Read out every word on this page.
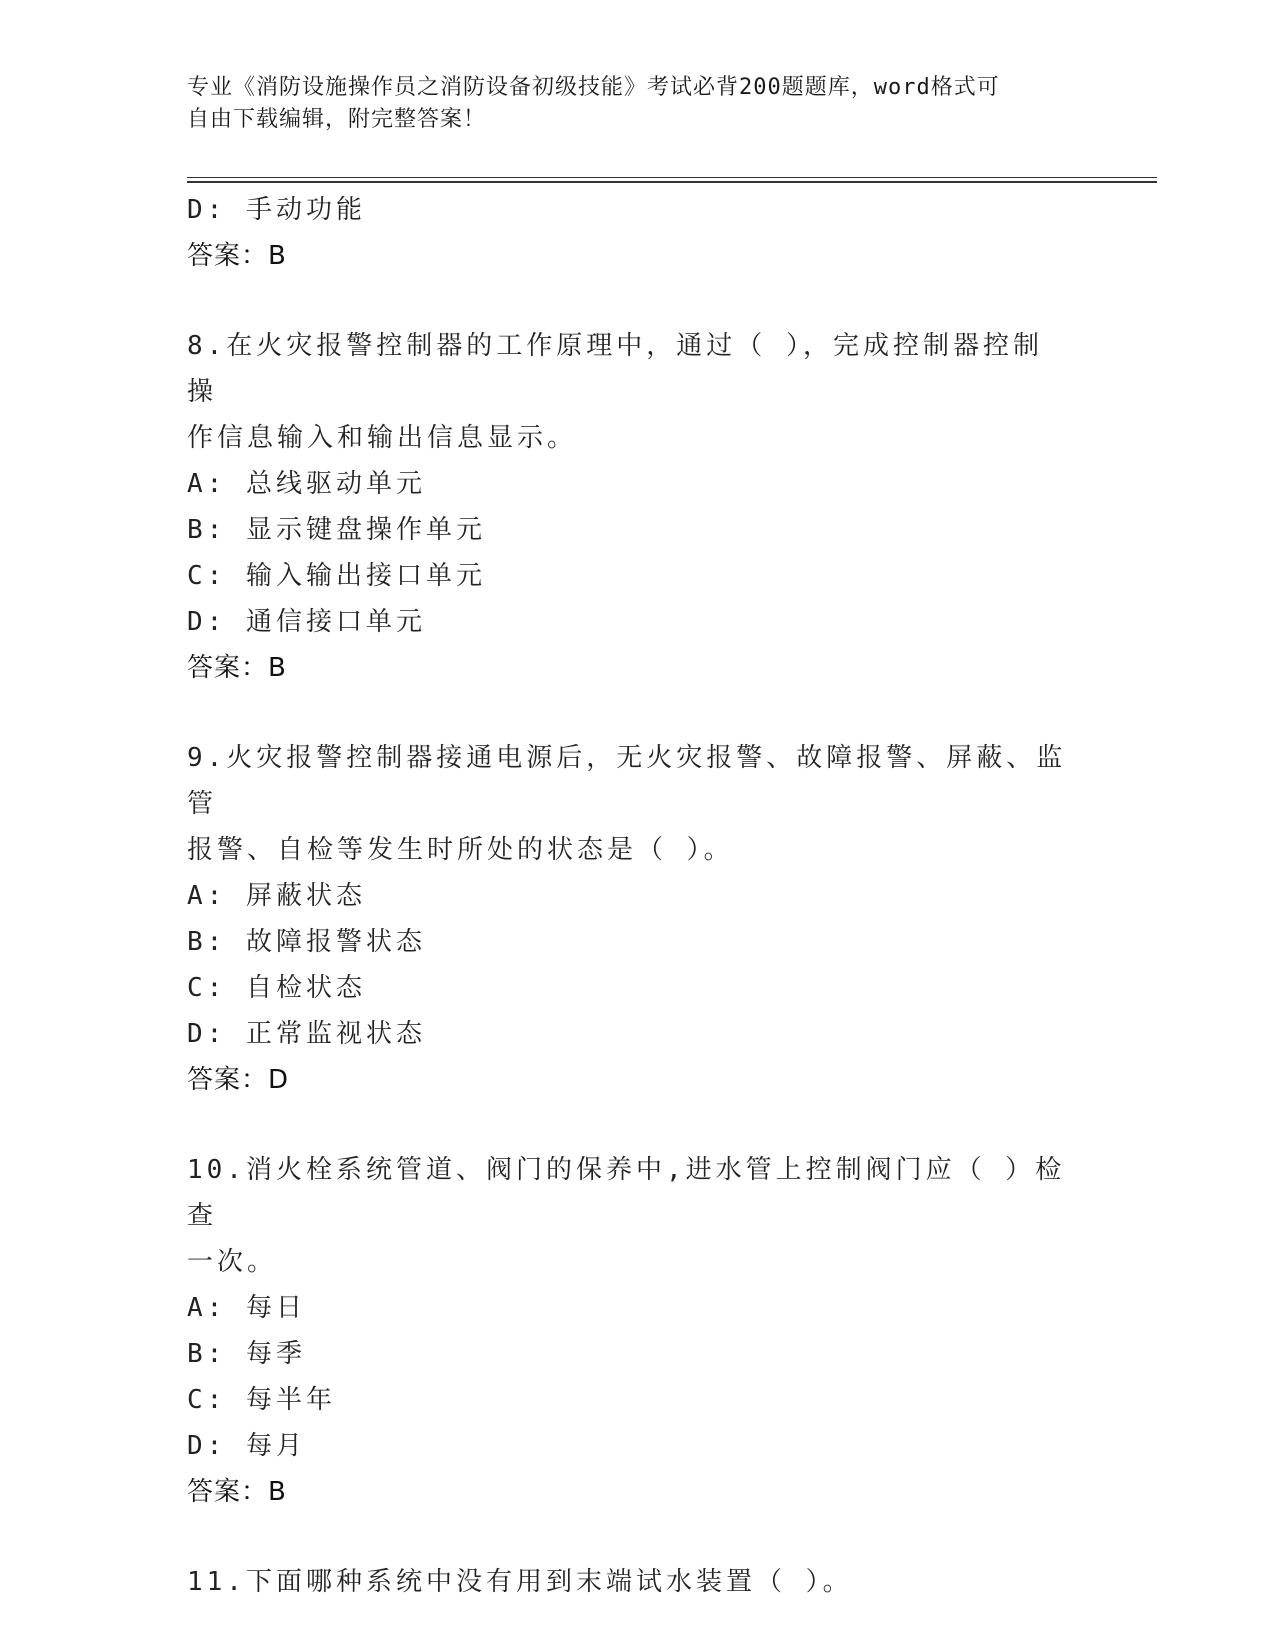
专业《消防设施操作员之消防设备初级技能》考试必背200题题库，word格式可
自由下载编辑，附完整答案！
D: 手动功能
答案：B
8.在火灾报警控制器的工作原理中，通过（ ），完成控制器控制操
作信息输入和输出信息显示。
A: 总线驱动单元
B: 显示键盘操作单元
C: 输入输出接口单元
D: 通信接口单元
答案：B
9.火灾报警控制器接通电源后，无火灾报警、故障报警、屏蔽、监管
报警、自检等发生时所处的状态是（ ）。
A: 屏蔽状态
B: 故障报警状态
C: 自检状态
D: 正常监视状态
答案：D
10.消火栓系统管道、阀门的保养中,进水管上控制阀门应（ ）检查
一次。
A: 每日
B: 每季
C: 每半年
D: 每月
答案：B
11.下面哪种系统中没有用到末端试水装置（ ）。
